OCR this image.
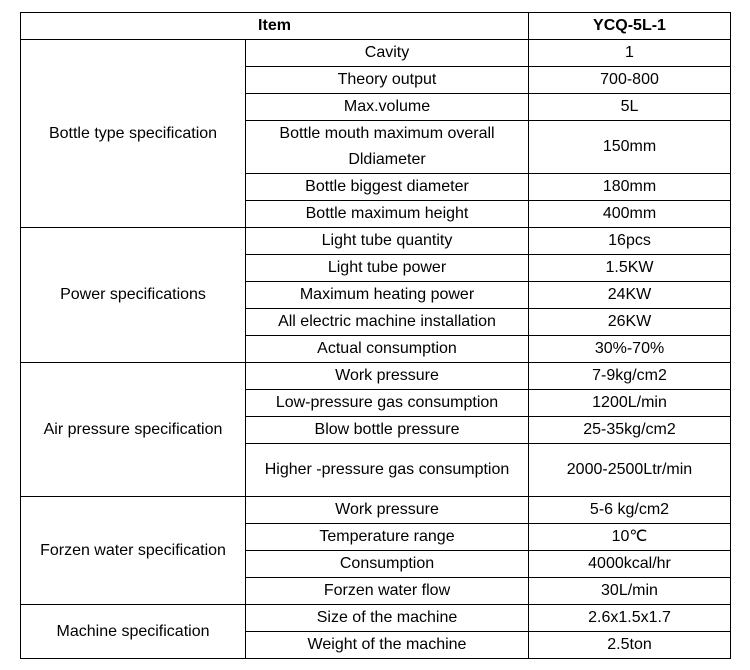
Item		YCQ-5L-1
Bottle type specification	Cavity	1
	Theory output	700-800
	Max.volume	5L
	Bottle mouth maximum overall Dldiameter	150mm
	Bottle biggest diameter	180mm
	Bottle maximum height	400mm
Power specifications	Light tube quantity	16pcs
	Light tube power	1.5KW
	Maximum heating power	24KW
	All electric machine installation	26KW
	Actual consumption	30%-70%
Air pressure specification	Work pressure	7-9kg/cm2
	Low-pressure gas consumption	1200L/min
	Blow bottle pressure	25-35kg/cm2
	Higher -pressure gas consumption	2000-2500Ltr/min
Forzen water specification	Work pressure	5-6 kg/cm2
	Temperature range	10℃
	Consumption	4000kcal/hr
	Forzen water flow	30L/min
Machine specification	Size of the machine	2.6x1.5x1.7
	Weight of the machine	2.5ton
